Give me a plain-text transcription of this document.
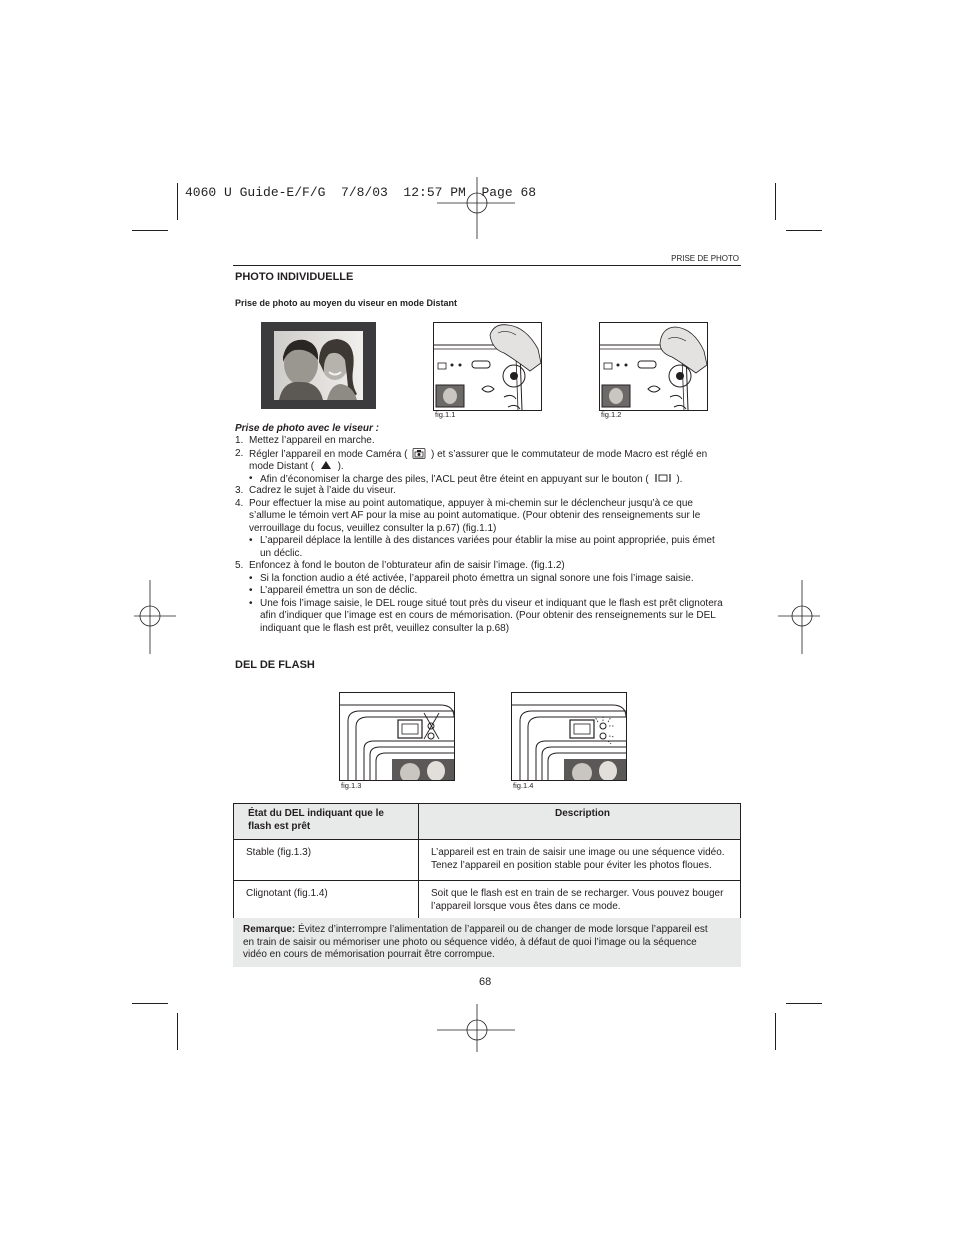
4060 U Guide-E/F/G  7/8/03  12:57 PM  Page 68
PRISE DE PHOTO
PHOTO INDIVIDUELLE
Prise de photo au moyen du viseur en mode Distant
fig.1.1	fig.1.2
Prise de photo avec le viseur :
1. Mettez l’appareil en marche.
2. Régler l’appareil en mode Caméra ( ) et s’assurer que le commutateur de mode Macro est réglé en
mode Distant ( ).
• Afin d’économiser la charge des piles, l’ACL peut être éteint en appuyant sur le bouton (	).
3. Cadrez le sujet à l’aide du viseur.
4. Pour effectuer la mise au point automatique, appuyer à mi-chemin sur le déclencheur jusqu’à ce que
s’allume le témoin vert AF pour la mise au point automatique. (Pour obtenir des renseignements sur le
verrouillage du focus, veuillez consulter la p.67) (fig.1.1)
• L’appareil déplace la lentille à des distances variées pour établir la mise au point appropriée, puis émet
un déclic.
5. Enfoncez à fond le bouton de l’obturateur afin de saisir l’image. (fig.1.2)
• Si la fonction audio a été activée, l’appareil photo émettra un signal sonore une fois l’image saisie.
• L’appareil émettra un son de déclic.
• Une fois l’image saisie, le DEL rouge situé tout près du viseur et indiquant que le flash est prêt clignotera
afin d’indiquer que l’image est en cours de mémorisation. (Pour obtenir des renseignements sur le DEL
indiquant que le flash est prêt, veuillez consulter la p.68)
DEL DE FLASH
fig.1.3	fig.1.4
État du DEL indiquant que le
flash est prêt	Description
Stable (fig.1.3)	L’appareil est en train de saisir une image ou une séquence vidéo.
Tenez l’appareil en position stable pour éviter les photos floues.
Clignotant (fig.1.4)	Soit que le flash est en train de se recharger. Vous pouvez bouger
l’appareil lorsque vous êtes dans ce mode.
Remarque: Évitez d’interrompre l’alimentation de l’appareil ou de changer de mode lorsque l’appareil est
en train de saisir ou mémoriser une photo ou séquence vidéo, à défaut de quoi l’image ou la séquence
vidéo en cours de mémorisation pourrait être corrompue.
68
